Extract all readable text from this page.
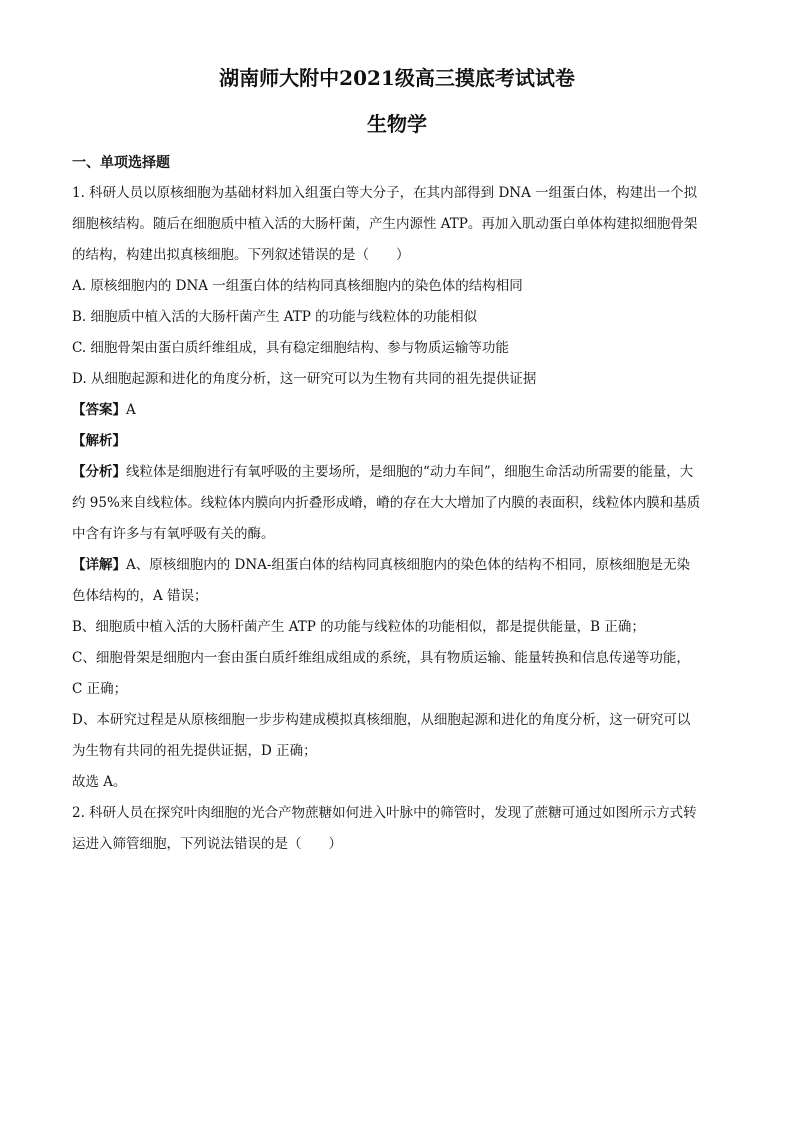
湖南师大附中2021级高三摸底考试试卷
生物学
一、单项选择题

1. 科研人员以原核细胞为基础材料加入组蛋白等大分子，在其内部得到 DNA 一组蛋白体，构建出一个拟

细胞核结构。随后在细胞质中植入活的大肠杆菌，产生内源性 ATP。再加入肌动蛋白单体构建拟细胞骨架

的结构，构建出拟真核细胞。下列叙述错误的是（　　）

A. 原核细胞内的 DNA 一组蛋白体的结构同真核细胞内的染色体的结构相同

B. 细胞质中植入活的大肠杆菌产生 ATP 的功能与线粒体的功能相似

C. 细胞骨架由蛋白质纤维组成，具有稳定细胞结构、参与物质运输等功能

D. 从细胞起源和进化的角度分析，这一研究可以为生物有共同的祖先提供证据

【答案】A

【解析】

【分析】线粒体是细胞进行有氧呼吸的主要场所，是细胞的“动力车间”，细胞生命活动所需要的能量，大

约 95%来自线粒体。线粒体内膜向内折叠形成嵴，嵴的存在大大增加了内膜的表面积，线粒体内膜和基质

中含有许多与有氧呼吸有关的酶。

【详解】A、原核细胞内的 DNA-组蛋白体的结构同真核细胞内的染色体的结构不相同，原核细胞是无染

色体结构的，A 错误；

B、细胞质中植入活的大肠杆菌产生 ATP 的功能与线粒体的功能相似，都是提供能量，B 正确；

C、细胞骨架是细胞内一套由蛋白质纤维组成组成的系统，具有物质运输、能量转换和信息传递等功能，

C 正确；

D、本研究过程是从原核细胞一步步构建成模拟真核细胞，从细胞起源和进化的角度分析，这一研究可以

为生物有共同的祖先提供证据，D 正确；

故选 A。

2. 科研人员在探究叶肉细胞的光合产物蔗糖如何进入叶脉中的筛管时，发现了蔗糖可通过如图所示方式转

运进入筛管细胞，下列说法错误的是（　　）
